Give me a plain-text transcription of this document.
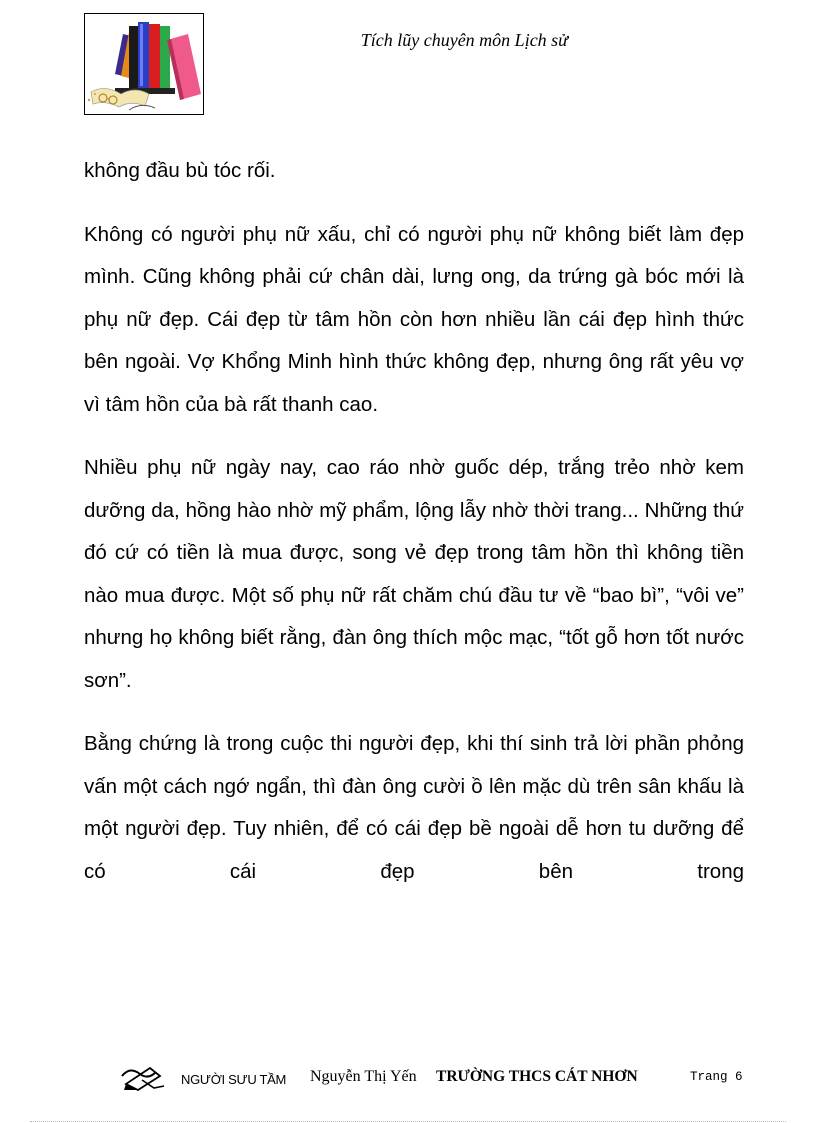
Tích lũy chuyên môn Lịch sử

không đầu bù tóc rối.

Không có người phụ nữ xấu, chỉ có người phụ nữ không biết làm đẹp mình. Cũng không phải cứ chân dài, lưng ong, da trứng gà bóc mới là phụ nữ đẹp. Cái đẹp từ tâm hồn còn hơn nhiều lần cái đẹp hình thức bên ngoài. Vợ Khổng Minh hình thức không đẹp, nhưng ông rất yêu vợ vì tâm hồn của bà rất thanh cao.

Nhiều phụ nữ ngày nay, cao ráo nhờ guốc dép, trắng trẻo nhờ kem dưỡng da, hồng hào nhờ mỹ phẩm, lộng lẫy nhờ thời trang... Những thứ đó cứ có tiền là mua được, song vẻ đẹp trong tâm hồn thì không tiền nào mua được. Một số phụ nữ rất chăm chú đầu tư về “bao bì”, “vôi ve” nhưng họ không biết rằng, đàn ông thích mộc mạc, “tốt gỗ hơn tốt nước sơn”.

Bằng chứng là trong cuộc thi người đẹp, khi thí sinh trả lời phần phỏng vấn một cách ngớ ngẩn, thì đàn ông cười ồ lên mặc dù trên sân khấu là một người đẹp. Tuy nhiên, để có cái đẹp bề ngoài dễ hơn tu dưỡng để có cái đẹp bên trong

NGƯỜI SƯU TẦM Nguyễn Thị Yến TRƯỜNG THCS CÁT NHƠN	Trang 6
